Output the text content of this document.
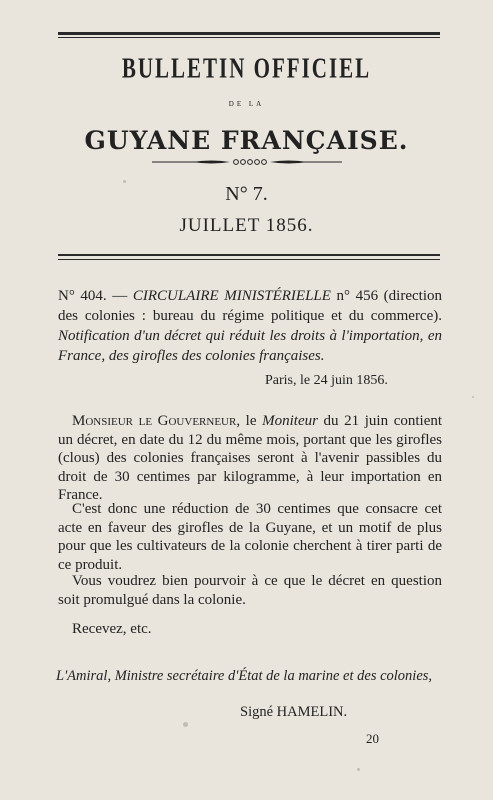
BULLETIN OFFICIEL
DE LA
GUYANE FRANÇAISE.
N° 7.
JUILLET 1856.
N° 404. — CIRCULAIRE MINISTÉRIELLE n° 456 (direction des colonies : bureau du régime politique et du commerce). Notification d'un décret qui réduit les droits à l'importation, en France, des girofles des colonies françaises.
Paris, le 24 juin 1856.
Monsieur le Gouverneur, le Moniteur du 21 juin contient un décret, en date du 12 du même mois, portant que les girofles (clous) des colonies françaises seront à l'avenir passibles du droit de 30 centimes par kilogramme, à leur importation en France.
C'est donc une réduction de 30 centimes que consacre cet acte en faveur des girofles de la Guyane, et un motif de plus pour que les cultivateurs de la colonie cherchent à tirer parti de ce produit.
Vous voudrez bien pourvoir à ce que le décret en question soit promulgué dans la colonie.
Recevez, etc.
L'Amiral, Ministre secrétaire d'État de la marine et des colonies,
Signé HAMELIN.
20
